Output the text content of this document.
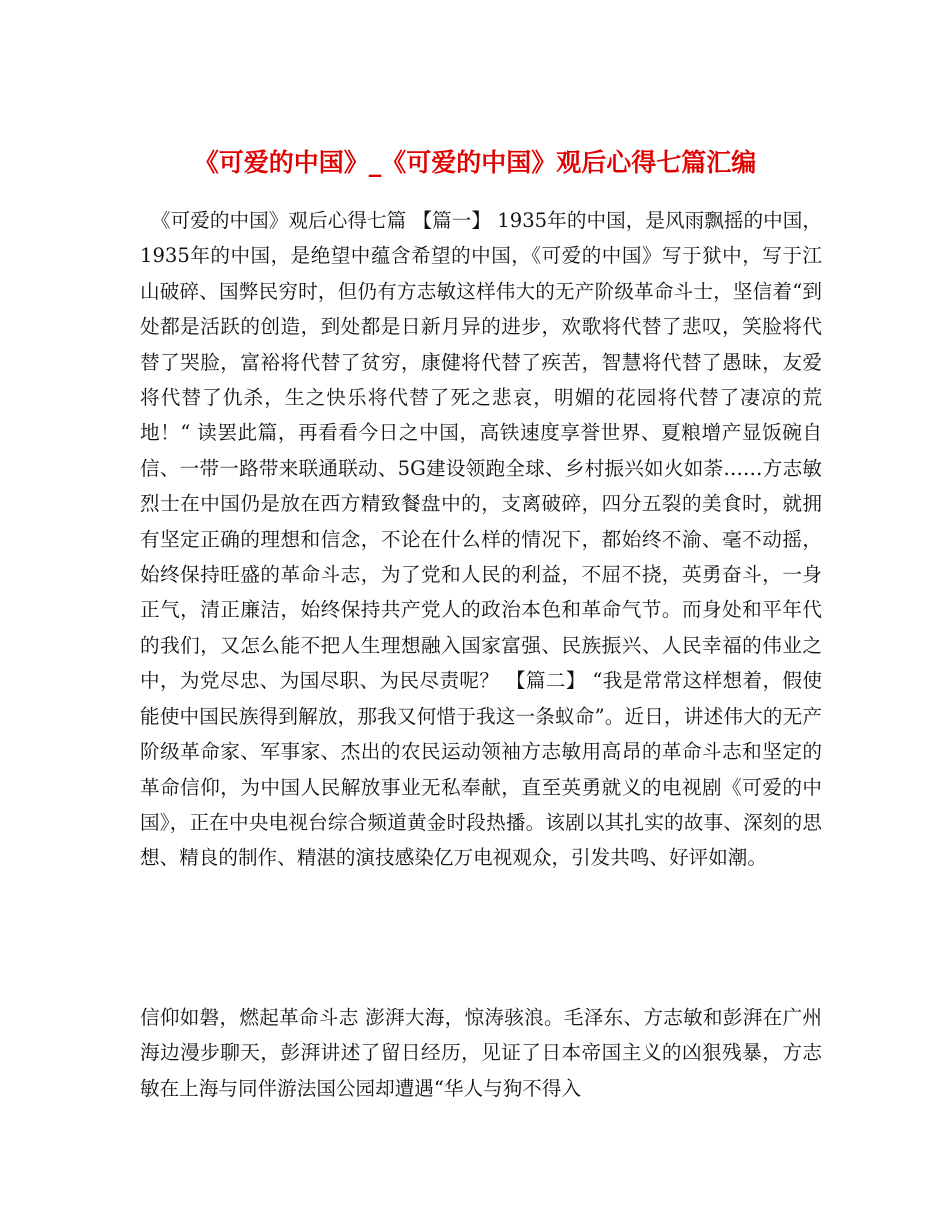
《可爱的中国》_《可爱的中国》观后心得七篇汇编

《可爱的中国》观后心得七篇 【篇一】 1935年的中国，是风雨飘摇的中国，1935年的中国，是绝望中蕴含希望的中国，《可爱的中国》写于狱中，写于江山破碎、国弊民穷时，但仍有方志敏这样伟大的无产阶级革命斗士，坚信着“到处都是活跃的创造，到处都是日新月异的进步，欢歌将代替了悲叹，笑脸将代替了哭脸，富裕将代替了贫穷，康健将代替了疾苦，智慧将代替了愚昧，友爱将代替了仇杀，生之快乐将代替了死之悲哀，明媚的花园将代替了凄凉的荒地！“ 读罢此篇，再看看今日之中国，高铁速度享誉世界、夏粮增产显饭碗自信、一带一路带来联通联动、5G建设领跑全球、乡村振兴如火如荼……方志敏烈士在中国仍是放在西方精致餐盘中的，支离破碎，四分五裂的美食时，就拥有坚定正确的理想和信念，不论在什么样的情况下，都始终不渝、毫不动摇，始终保持旺盛的革命斗志，为了党和人民的利益，不屈不挠，英勇奋斗，一身正气，清正廉洁，始终保持共产党人的政治本色和革命气节。而身处和平年代的我们，又怎么能不把人生理想融入国家富强、民族振兴、人民幸福的伟业之中，为党尽忠、为国尽职、为民尽责呢？ 【篇二】 “我是常常这样想着，假使能使中国民族得到解放，那我又何惜于我这一条蚁命”。近日，讲述伟大的无产阶级革命家、军事家、杰出的农民运动领袖方志敏用高昂的革命斗志和坚定的革命信仰，为中国人民解放事业无私奉献，直至英勇就义的电视剧《可爱的中国》，正在中央电视台综合频道黄金时段热播。该剧以其扎实的故事、深刻的思想、精良的制作、精湛的演技感染亿万电视观众，引发共鸣、好评如潮。

信仰如磐，燃起革命斗志 澎湃大海，惊涛骇浪。毛泽东、方志敏和彭湃在广州海边漫步聊天，彭湃讲述了留日经历，见证了日本帝国主义的凶狠残暴，方志敏在上海与同伴游法国公园却遭遇“华人与狗不得入
